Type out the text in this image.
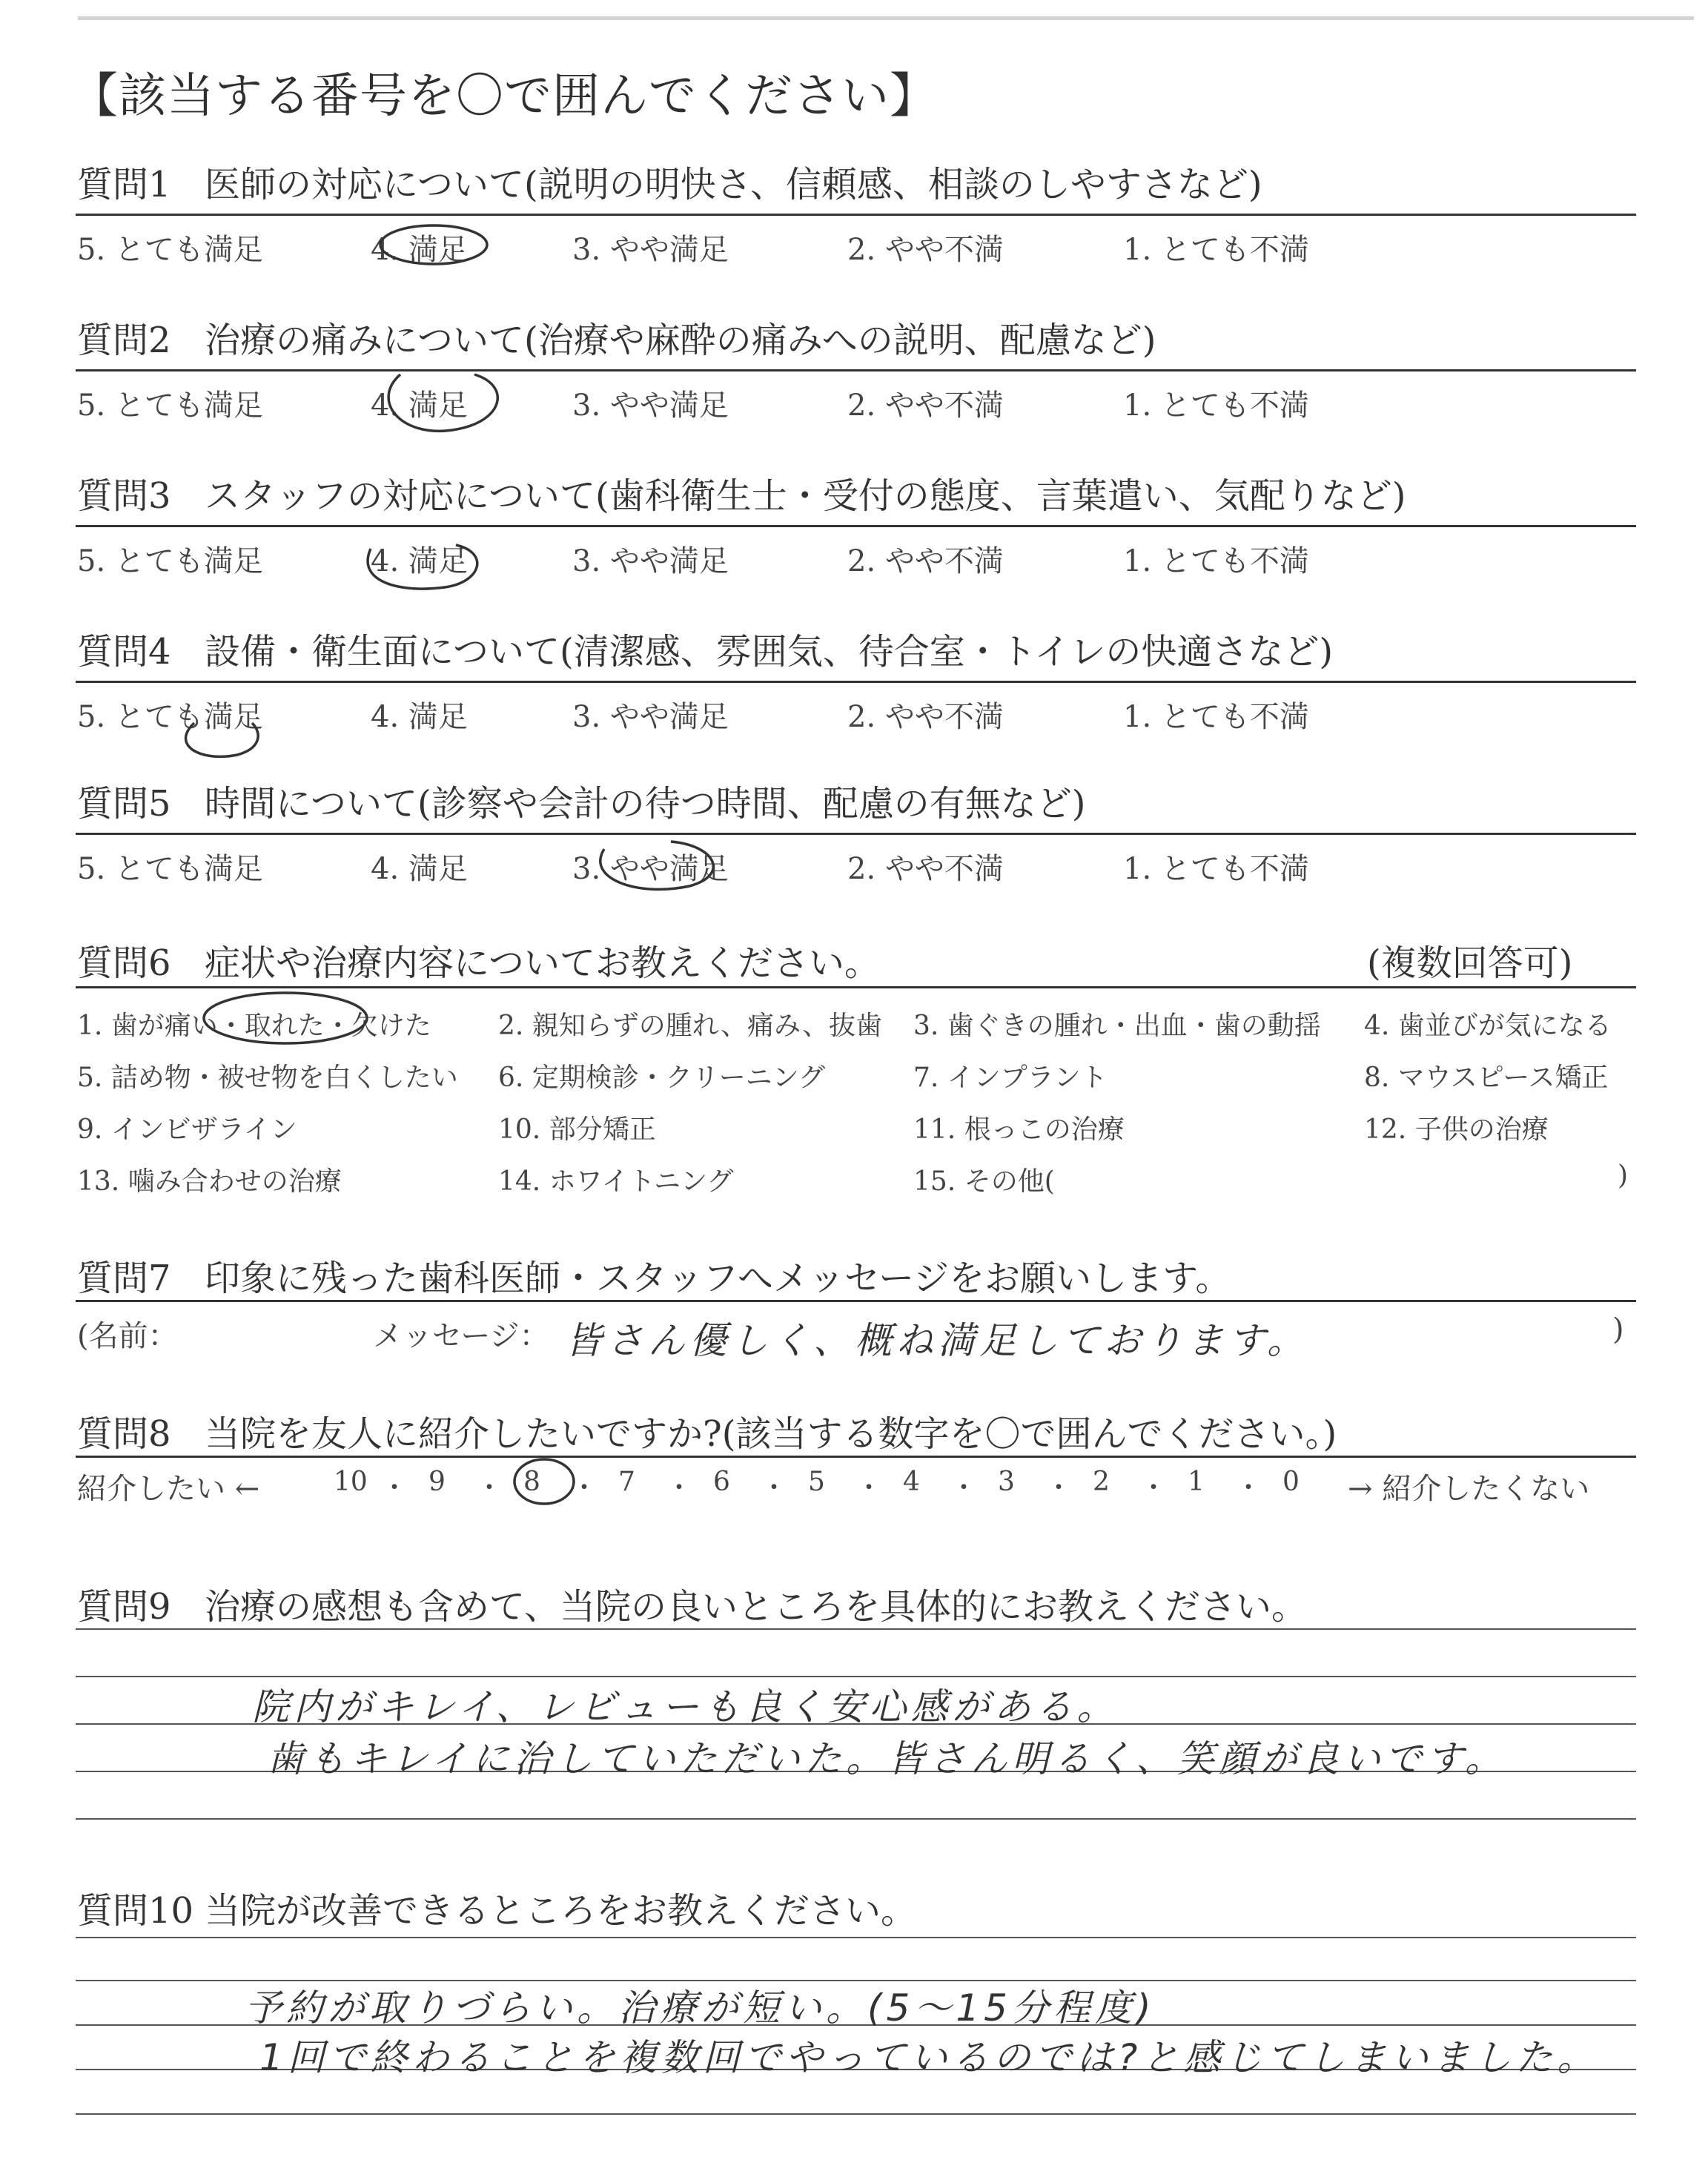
【該当する番号を〇で囲んでください】
質問1 医師の対応について(説明の明快さ、信頼感、相談のしやすさなど)
5. とても満足	4. 満足	3. やや満足	2. やや不満	1. とても不満
質問2 治療の痛みについて(治療や麻酔の痛みへの説明、配慮など)
5. とても満足	4. 満足	3. やや満足	2. やや不満	1. とても不満
質問3 スタッフの対応について(歯科衛生士・受付の態度、言葉遣い、気配りなど)
5. とても満足	4. 満足	3. やや満足	2. やや不満	1. とても不満
質問4 設備・衛生面について(清潔感、雰囲気、待合室・トイレの快適さなど)
5. とても満足	4. 満足	3. やや満足	2. やや不満	1. とても不満
質問5 時間について(診察や会計の待つ時間、配慮の有無など)
5. とても満足	4. 満足	3. やや満足	2. やや不満	1. とても不満
質問6 症状や治療内容についてお教えください。	(複数回答可)
1. 歯が痛い・取れた・欠けた	2. 親知らずの腫れ、痛み、抜歯 3. 歯ぐきの腫れ・出血・歯の動揺 4. 歯並びが気になる
5. 詰め物・被せ物を白くしたい 6. 定期検診・クリーニング	7. インプラント	8. マウスピース矯正
9. インビザライン	10. 部分矯正	11. 根っこの治療	12. 子供の治療
13. 噛み合わせの治療	14. ホワイトニング	15. その他(	)
質問7 印象に残った歯科医師・スタッフへメッセージをお願いします。
(名前：	メッセージ： 皆さん優しく、概ね満足しております。	)
質問8 当院を友人に紹介したいですか?(該当する数字を〇で囲んでください。)
紹介したい ←	→ 紹介したくない
10 ・ 9 ・ 8 ・ 7 ・ 6 ・ 5 ・ 4 ・ 3 ・ 2 ・ 1 ・ 0
質問9 治療の感想も含めて、当院の良いところを具体的にお教えください。
院内がキレイ、レビューも良く安心感がある。
歯もキレイに治していただいた。皆さん明るく、笑顔が良いです。
質問10 当院が改善できるところをお教えください。
予約が取りづらい。治療が短い。(5〜15分程度)
1回で終わることを複数回でやっているのでは?と感じてしまいました。
